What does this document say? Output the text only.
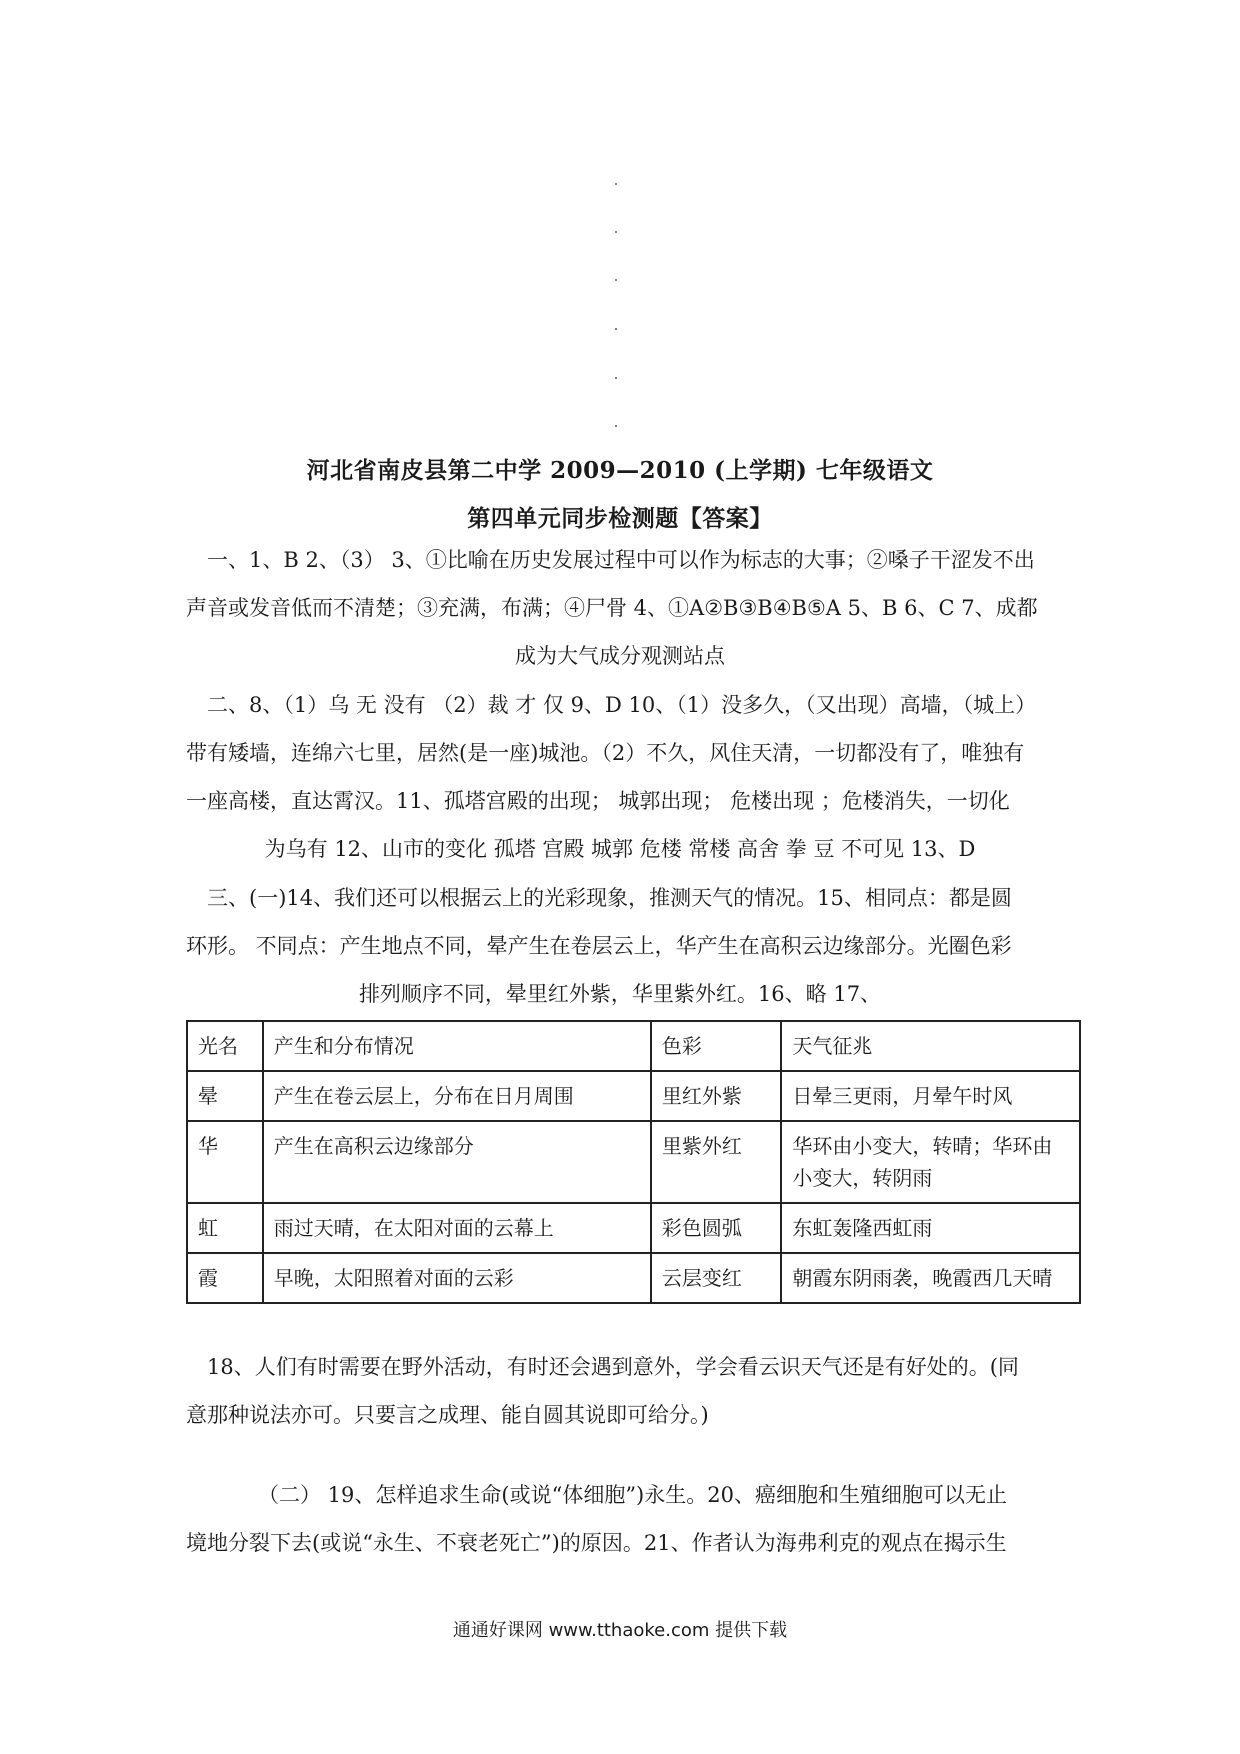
河北省南皮县第二中学 2009—2010 (上学期) 七年级语文
第四单元同步检测题【答案】
一、1、B 2、（3） 3、①比喻在历史发展过程中可以作为标志的大事；②嗓子干涩发不出
声音或发音低而不清楚；③充满，布满；④尸骨 4、①A②B③B④B⑤A 5、B 6、C 7、成都
成为大气成分观测站点
二、8、（1）乌 无 没有 （2）裁 才 仅 9、D 10、（1）没多久，（又出现）高墙，（城上）
带有矮墙，连绵六七里，居然(是一座)城池。（2）不久，风住天清，一切都没有了，唯独有
一座高楼，直达霄汉。11、孤塔宫殿的出现； 城郭出现； 危楼出现 ；危楼消失，一切化
为乌有 12、山市的变化 孤塔 宫殿 城郭 危楼 常楼 高舍 拳 豆 不可见 13、D
三、(一)14、我们还可以根据云上的光彩现象，推测天气的情况。15、相同点：都是圆
环形。 不同点：产生地点不同，晕产生在卷层云上，华产生在高积云边缘部分。光圈色彩
排列顺序不同，晕里红外紫，华里紫外红。16、略 17、
光名	产生和分布情况	色彩	天气征兆
晕	产生在卷云层上，分布在日月周围	里红外紫	日晕三更雨，月晕午时风
华	产生在高积云边缘部分	里紫外红	华环由小变大，转晴；华环由小变大，转阴雨
虹	雨过天晴，在太阳对面的云幕上	彩色圆弧	东虹轰隆西虹雨
霞	早晚，太阳照着对面的云彩	云层变红	朝霞东阴雨袭，晚霞西几天晴
18、人们有时需要在野外活动，有时还会遇到意外，学会看云识天气还是有好处的。(同
意那种说法亦可。只要言之成理、能自圆其说即可给分。)
（二） 19、怎样追求生命(或说“体细胞”)永生。20、癌细胞和生殖细胞可以无止
境地分裂下去(或说“永生、不衰老死亡”)的原因。21、作者认为海弗利克的观点在揭示生
通通好课网 www.tthaoke.com 提供下载
